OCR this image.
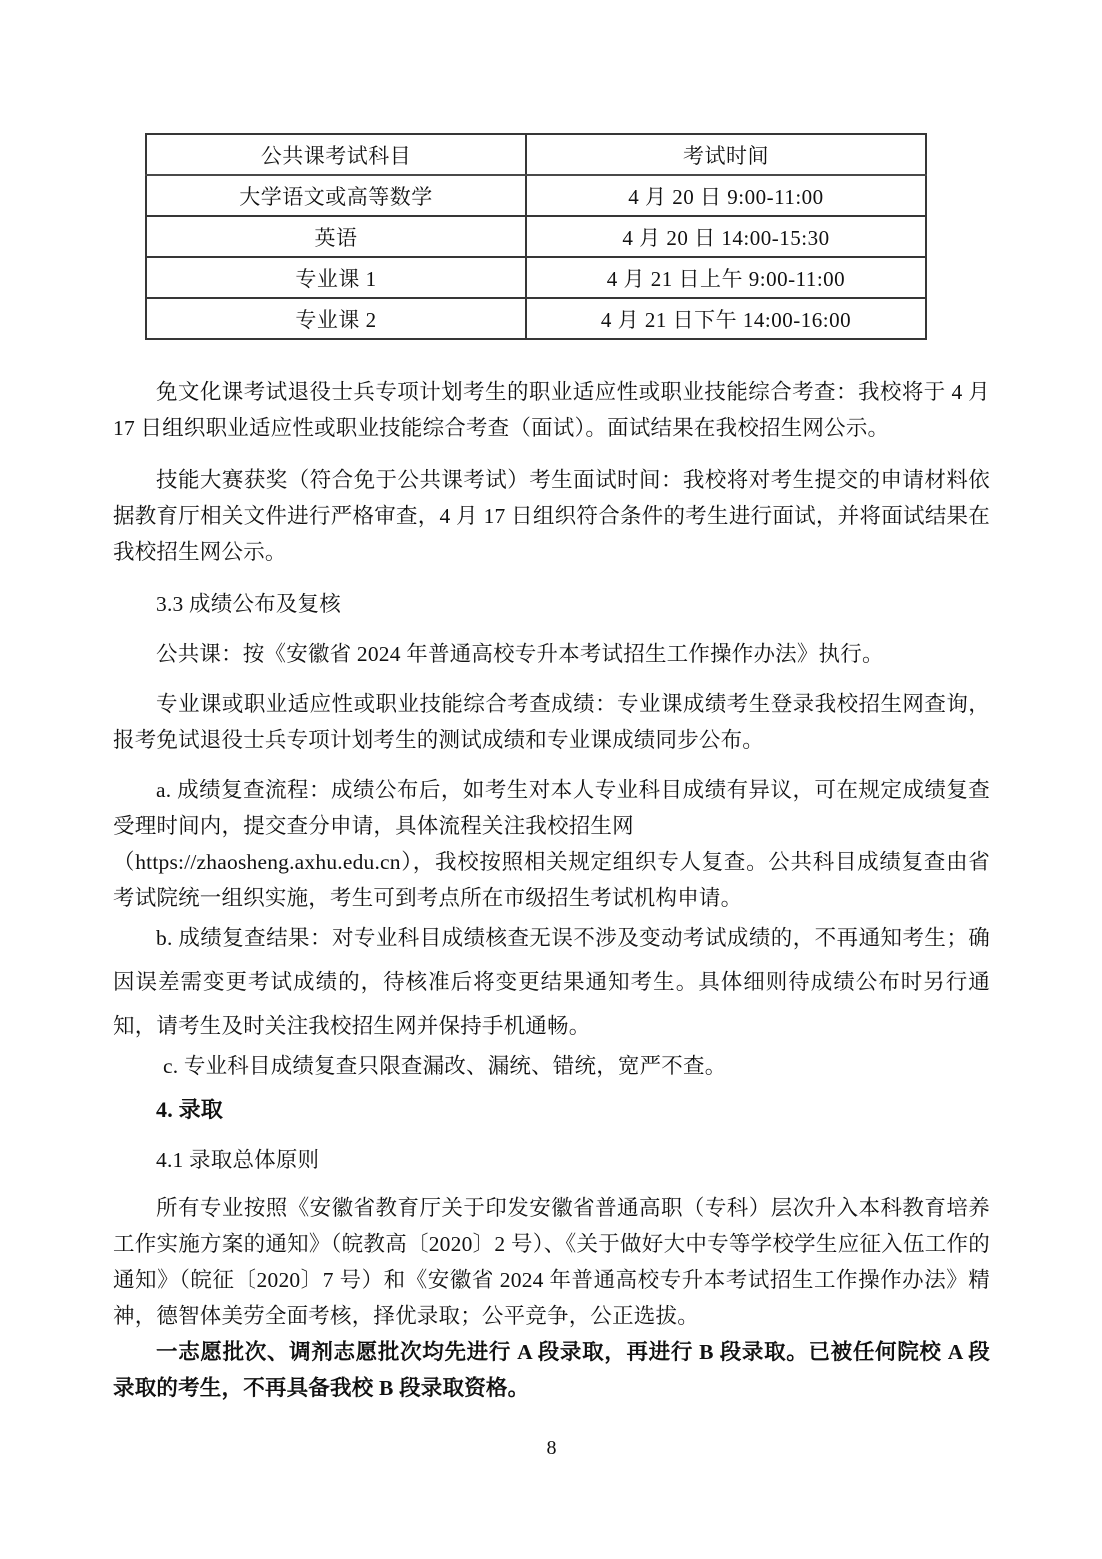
公共课考试科目	考试时间
大学语文或高等数学	4 月 20 日 9:00-11:00
英语	4 月 20 日 14:00-15:30
专业课 1	4 月 21 日上午 9:00-11:00
专业课 2	4 月 21 日下午 14:00-16:00

免文化课考试退役士兵专项计划考生的职业适应性或职业技能综合考查：我校将于 4 月 17 日组织职业适应性或职业技能综合考查（面试）。面试结果在我校招生网公示。

技能大赛获奖（符合免于公共课考试）考生面试时间：我校将对考生提交的申请材料依据教育厅相关文件进行严格审查，4 月 17 日组织符合条件的考生进行面试，并将面试结果在我校招生网公示。

3.3 成绩公布及复核

公共课：按《安徽省 2024 年普通高校专升本考试招生工作操作办法》执行。

专业课或职业适应性或职业技能综合考查成绩：专业课成绩考生登录我校招生网查询，报考免试退役士兵专项计划考生的测试成绩和专业课成绩同步公布。

a. 成绩复查流程：成绩公布后，如考生对本人专业科目成绩有异议，可在规定成绩复查受理时间内，提交查分申请，具体流程关注我校招生网
（https://zhaosheng.axhu.edu.cn），我校按照相关规定组织专人复查。公共科目成绩复查由省考试院统一组织实施，考生可到考点所在市级招生考试机构申请。

b. 成绩复查结果：对专业科目成绩核查无误不涉及变动考试成绩的，不再通知考生；确因误差需变更考试成绩的，待核准后将变更结果通知考生。具体细则待成绩公布时另行通知，请考生及时关注我校招生网并保持手机通畅。

c. 专业科目成绩复查只限查漏改、漏统、错统，宽严不查。

4. 录取

4.1 录取总体原则

所有专业按照《安徽省教育厅关于印发安徽省普通高职（专科）层次升入本科教育培养工作实施方案的通知》（皖教高〔2020〕2 号）、《关于做好大中专等学校学生应征入伍工作的通知》（皖征〔2020〕7 号）和《安徽省 2024 年普通高校专升本考试招生工作操作办法》精神，德智体美劳全面考核，择优录取；公平竞争，公正选拔。

一志愿批次、调剂志愿批次均先进行 A 段录取，再进行 B 段录取。已被任何院校 A 段录取的考生，不再具备我校 B 段录取资格。

8
